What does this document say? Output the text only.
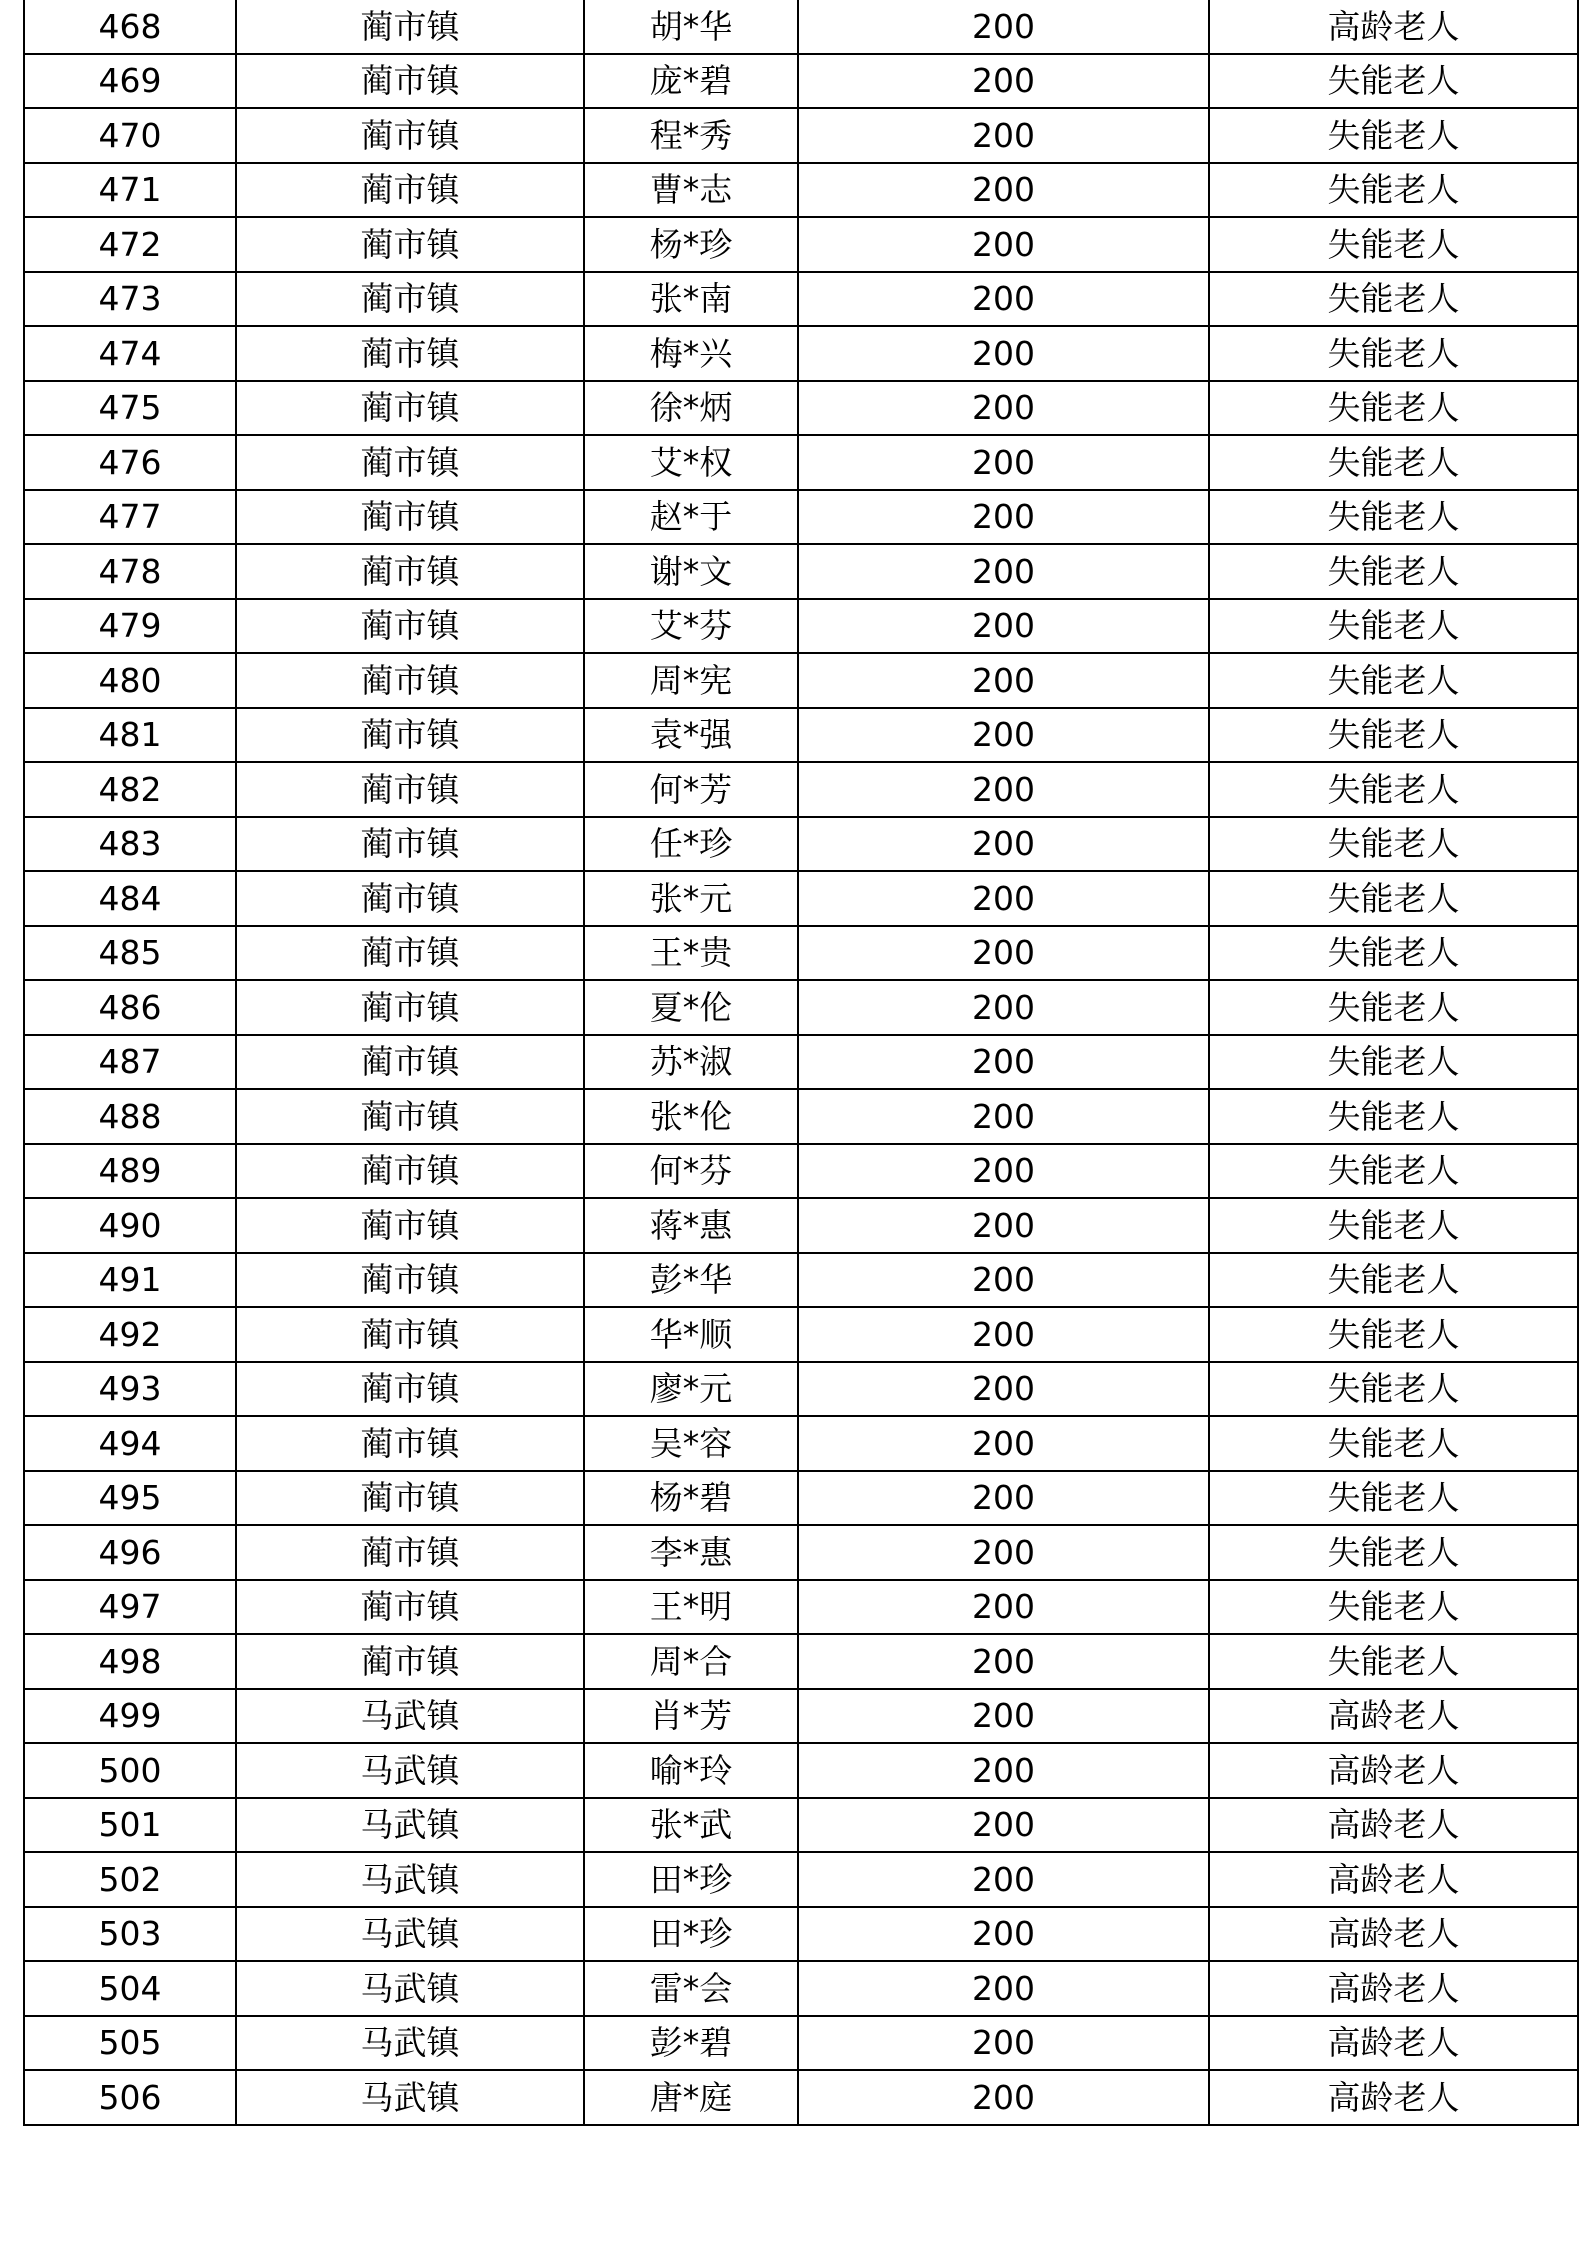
468	蔺市镇	胡*华	200	高龄老人
469	蔺市镇	庞*碧	200	失能老人
470	蔺市镇	程*秀	200	失能老人
471	蔺市镇	曹*志	200	失能老人
472	蔺市镇	杨*珍	200	失能老人
473	蔺市镇	张*南	200	失能老人
474	蔺市镇	梅*兴	200	失能老人
475	蔺市镇	徐*炳	200	失能老人
476	蔺市镇	艾*权	200	失能老人
477	蔺市镇	赵*于	200	失能老人
478	蔺市镇	谢*文	200	失能老人
479	蔺市镇	艾*芬	200	失能老人
480	蔺市镇	周*宪	200	失能老人
481	蔺市镇	袁*强	200	失能老人
482	蔺市镇	何*芳	200	失能老人
483	蔺市镇	任*珍	200	失能老人
484	蔺市镇	张*元	200	失能老人
485	蔺市镇	王*贵	200	失能老人
486	蔺市镇	夏*伦	200	失能老人
487	蔺市镇	苏*淑	200	失能老人
488	蔺市镇	张*伦	200	失能老人
489	蔺市镇	何*芬	200	失能老人
490	蔺市镇	蒋*惠	200	失能老人
491	蔺市镇	彭*华	200	失能老人
492	蔺市镇	华*顺	200	失能老人
493	蔺市镇	廖*元	200	失能老人
494	蔺市镇	吴*容	200	失能老人
495	蔺市镇	杨*碧	200	失能老人
496	蔺市镇	李*惠	200	失能老人
497	蔺市镇	王*明	200	失能老人
498	蔺市镇	周*合	200	失能老人
499	马武镇	肖*芳	200	高龄老人
500	马武镇	喻*玲	200	高龄老人
501	马武镇	张*武	200	高龄老人
502	马武镇	田*珍	200	高龄老人
503	马武镇	田*珍	200	高龄老人
504	马武镇	雷*会	200	高龄老人
505	马武镇	彭*碧	200	高龄老人
506	马武镇	唐*庭	200	高龄老人
